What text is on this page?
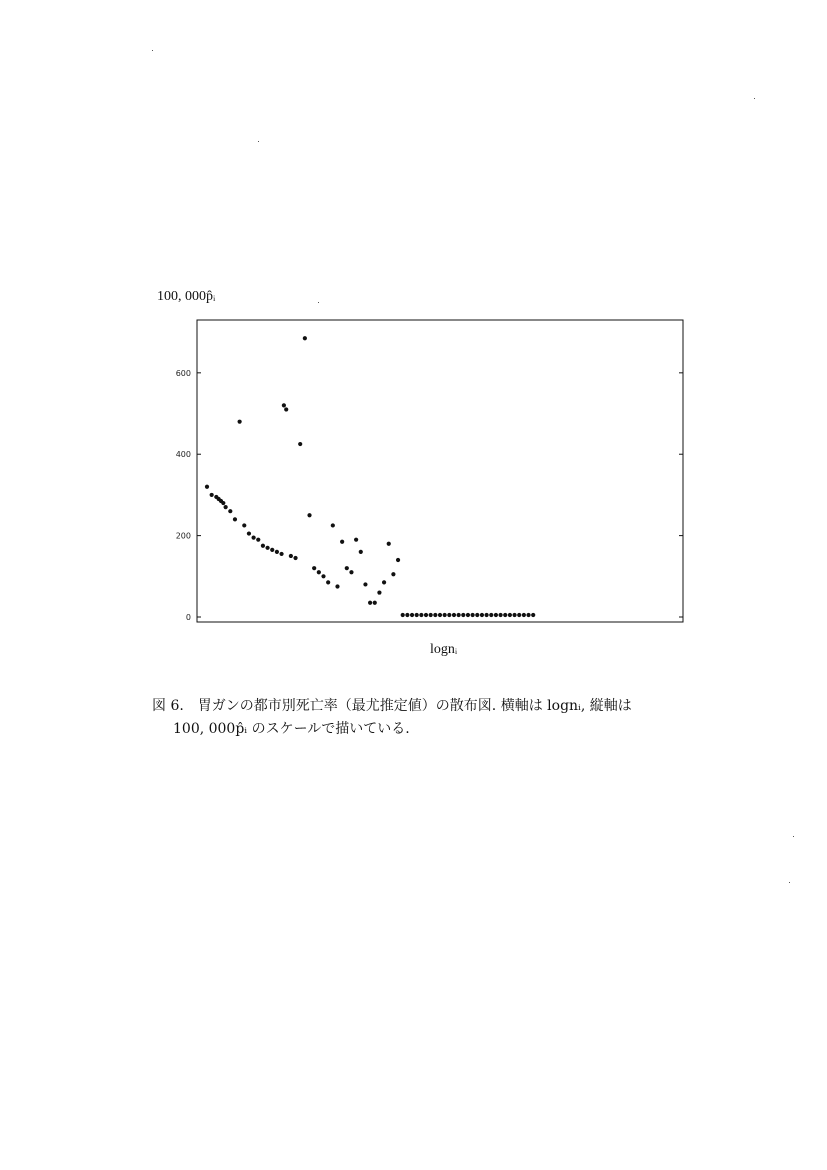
100, 000p̂ᵢ
0
200
400
600
lognᵢ
図 6.　胃ガンの都市別死亡率（最尤推定値）の散布図. 横軸は lognᵢ, 縦軸は
100, 000p̂ᵢ のスケールで描いている.
